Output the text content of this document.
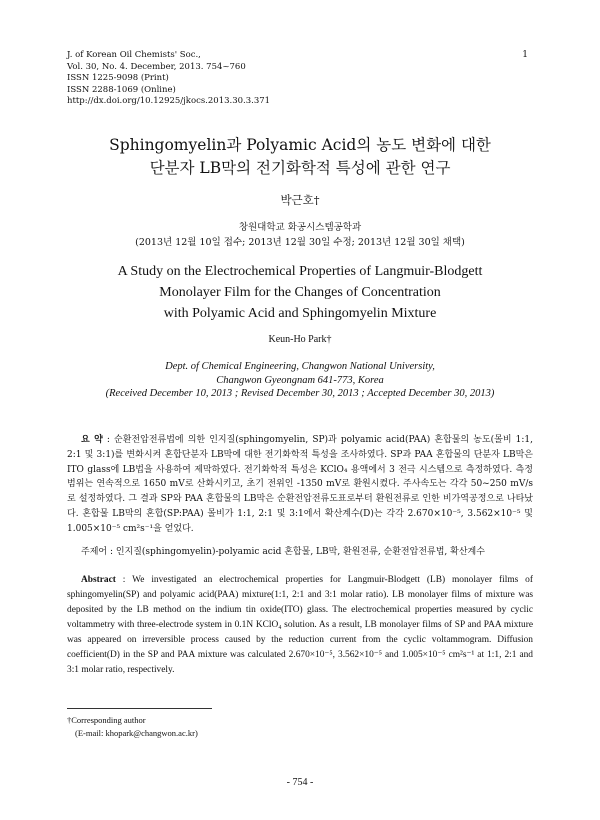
J. of Korean Oil Chemists' Soc.,
Vol. 30, No. 4. December, 2013. 754~760
ISSN 1225-9098 (Print)
ISSN 2288-1069 (Online)
http://dx.doi.org/10.12925/jkocs.2013.30.3.371
1
Sphingomyelin과 Polyamic Acid의 농도 변화에 대한
단분자 LB막의 전기화학적 특성에 관한 연구
박근호†
창원대학교 화공시스템공학과
(2013년 12월 10일 접수; 2013년 12월 30일 수정; 2013년 12월 30일 채택)
A Study on the Electrochemical Properties of Langmuir-Blodgett
Monolayer Film for the Changes of Concentration
with Polyamic Acid and Sphingomyelin Mixture
Keun-Ho Park†
Dept. of Chemical Engineering, Changwon National University,
Changwon Gyeongnam 641-773, Korea
(Received December 10, 2013 ; Revised December 30, 2013 ; Accepted December 30, 2013)
요 약 : 순환전압전류법에 의한 인지질(sphingomyelin, SP)과 polyamic acid(PAA) 혼합물의 농도(몰비 1:1, 2:1 및 3:1)를 변화시켜 혼합단분자 LB막에 대한 전기화학적 특성을 조사하였다. SP과 PAA 혼합물의 단분자 LB막은 ITO glass에 LB법을 사용하여 제막하였다. 전기화학적 특성은 KClO₄ 용액에서 3 전극 시스템으로 측정하였다. 측정 범위는 연속적으로 1650 mV로 산화시키고, 초기 전위인 -1350 mV로 환원시켰다. 주사속도는 각각 50~250 mV/s로 설정하였다. 그 결과 SP와 PAA 혼합물의 LB막은 순환전압전류도표로부터 환원전류로 인한 비가역공정으로 나타났다. 혼합물 LB막의 혼합(SP:PAA) 몰비가 1:1, 2:1 및 3:1에서 확산계수(D)는 각각 2.670×10⁻⁵, 3.562×10⁻⁵ 및 1.005×10⁻⁵ cm²s⁻¹을 얻었다.
주제어 : 인지질(sphingomyelin)-polyamic acid 혼합물, LB막, 환원전류, 순환전압전류법, 확산계수
Abstract : We investigated an electrochemical properties for Langmuir-Blodgett (LB) monolayer films of sphingomyelin(SP) and polyamic acid(PAA) mixture(1:1, 2:1 and 3:1 molar ratio). LB monolayer films of mixture was deposited by the LB method on the indium tin oxide(ITO) glass. The electrochemical properties measured by cyclic voltammetry with three-electrode system in 0.1N KClO₄ solution. As a result, LB monolayer films of SP and PAA mixture was appeared on irreversible process caused by the reduction current from the cyclic voltammogram. Diffusion coefficient(D) in the SP and PAA mixture was calculated 2.670×10⁻⁵, 3.562×10⁻⁵ and 1.005×10⁻⁵ cm²s⁻¹ at 1:1, 2:1 and 3:1 molar ratio, respectively.
†Corresponding author
(E-mail: khopark@changwon.ac.kr)
- 754 -
